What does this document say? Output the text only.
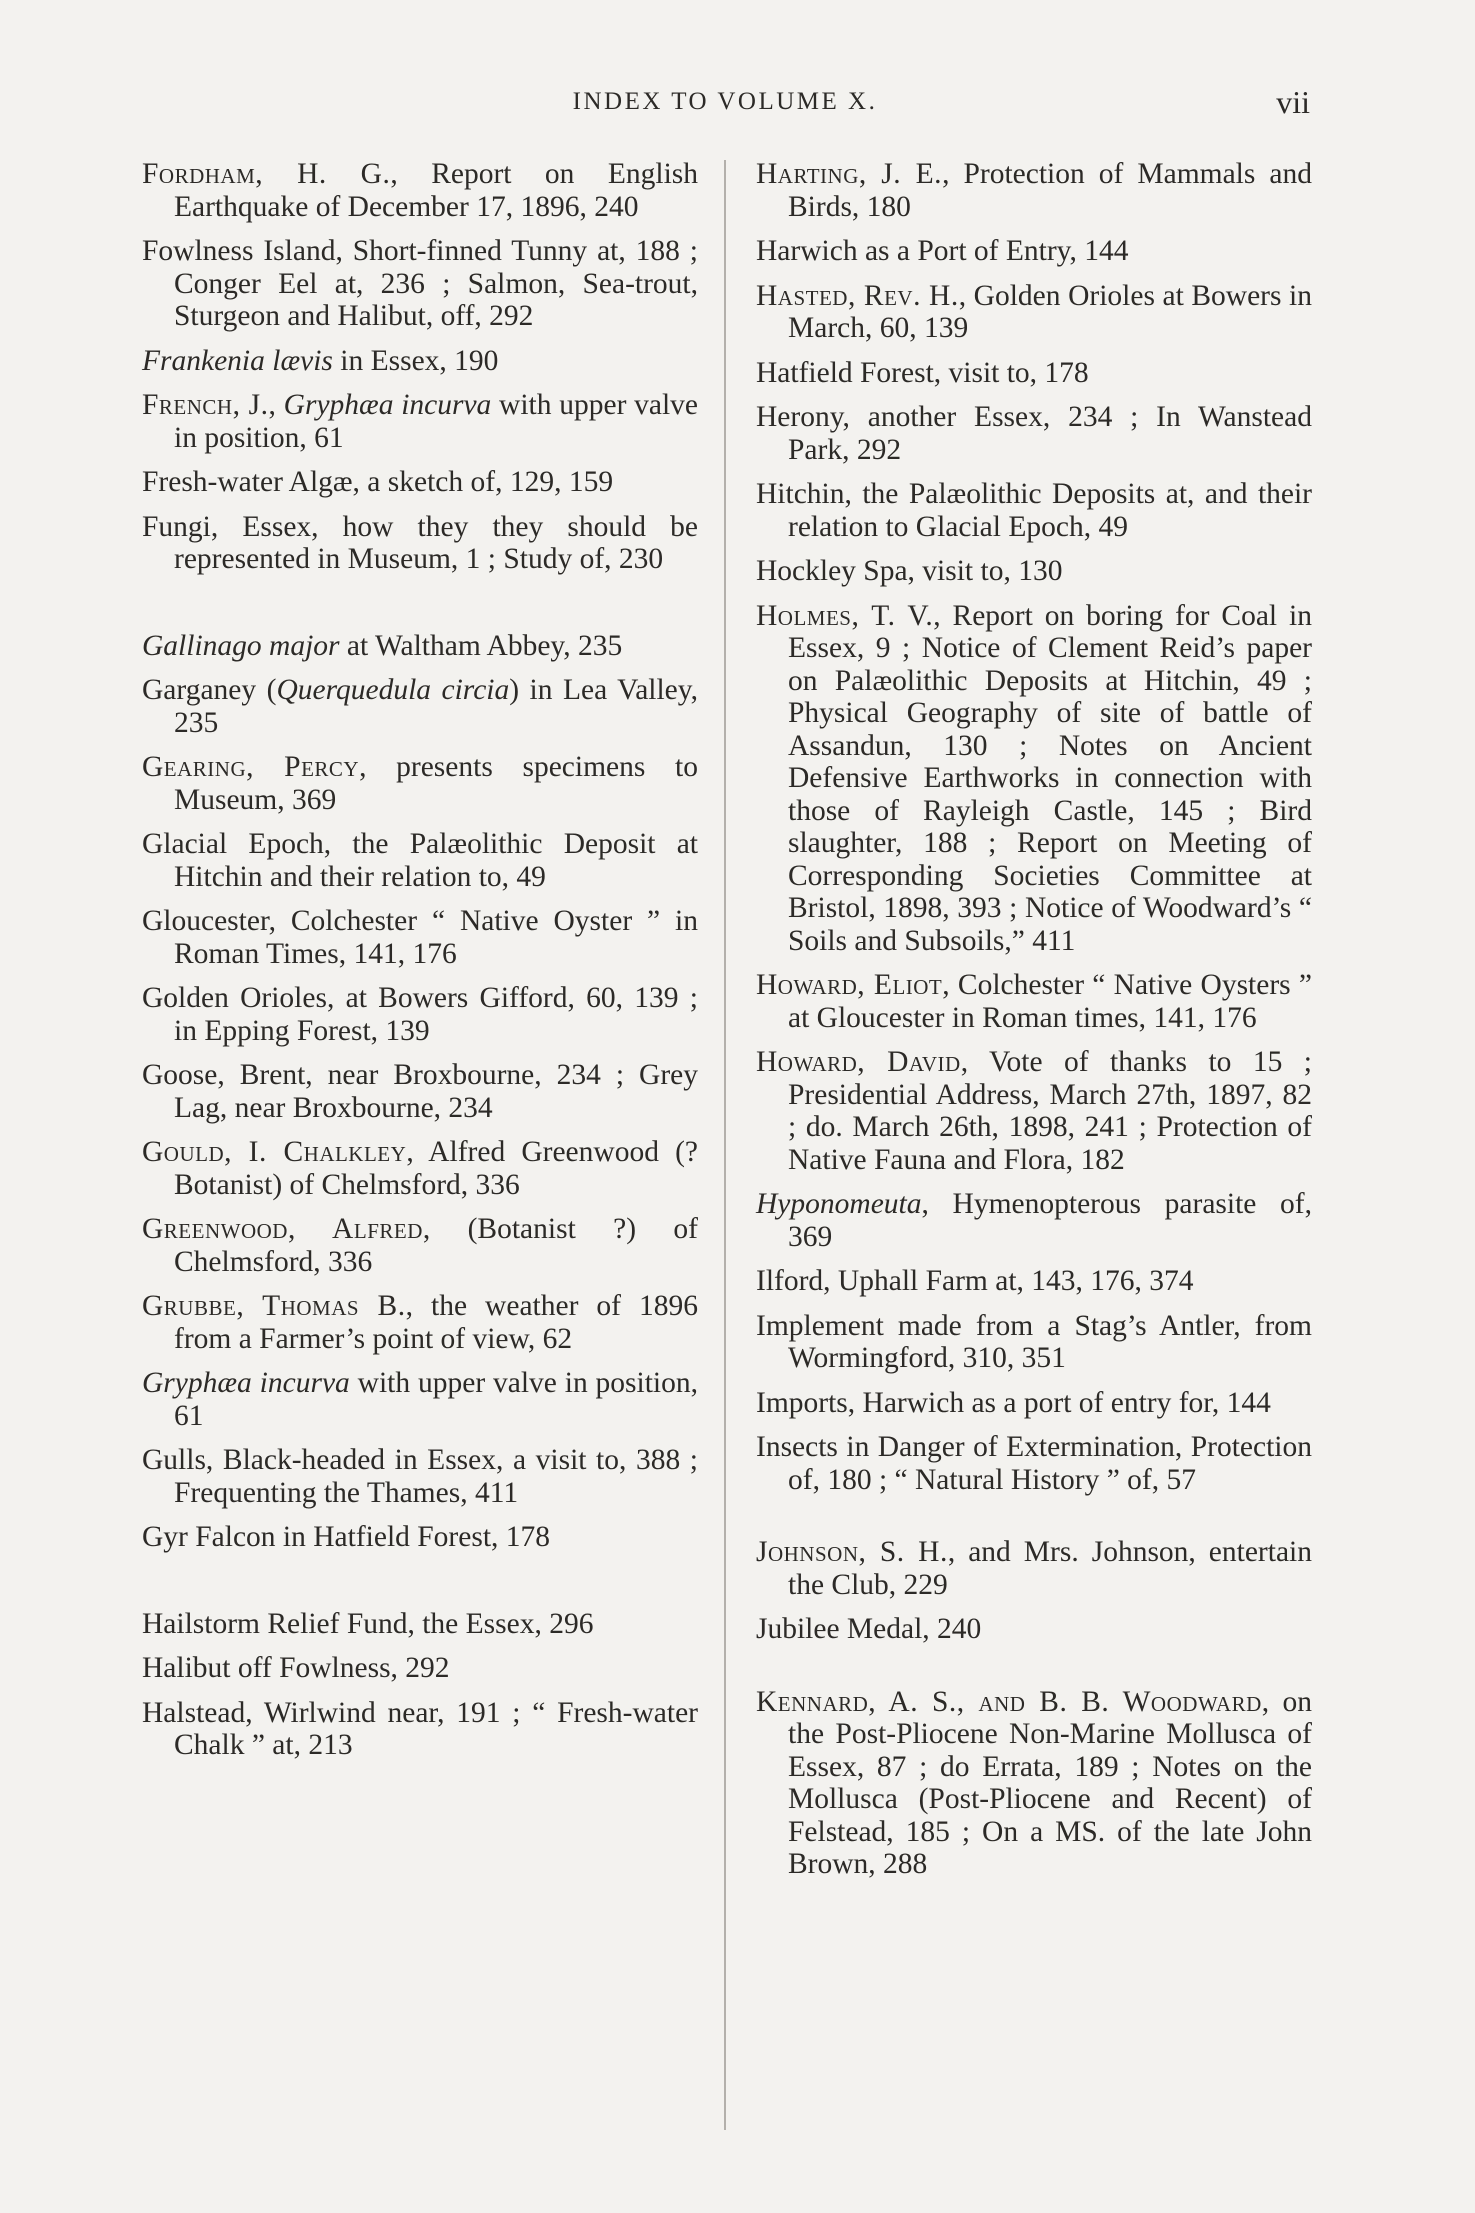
INDEX TO VOLUME X.	vii

Fordham, H. G., Report on English Earthquake of December 17, 1896, 240

Fowlness Island, Short-finned Tunny at, 188 ; Conger Eel at, 236 ; Salmon, Sea-trout, Sturgeon and Halibut, off, 292

Frankenia lævis in Essex, 190

French, J., Gryphæa incurva with upper valve in position, 61

Fresh-water Algæ, a sketch of, 129, 159

Fungi, Essex, how they they should be represented in Museum, 1 ; Study of, 230

Gallinago major at Waltham Abbey, 235

Garganey (Querquedula circia) in Lea Valley, 235

Gearing, Percy, presents specimens to Museum, 369

Glacial Epoch, the Palæolithic Deposit at Hitchin and their relation to, 49

Gloucester, Colchester “ Native Oyster ” in Roman Times, 141, 176

Golden Orioles, at Bowers Gifford, 60, 139 ; in Epping Forest, 139

Goose, Brent, near Broxbourne, 234 ; Grey Lag, near Broxbourne, 234

Gould, I. Chalkley, Alfred Greenwood (? Botanist) of Chelmsford, 336

Greenwood, Alfred, (Botanist ?) of Chelmsford, 336

Grubbe, Thomas B., the weather of 1896 from a Farmer’s point of view, 62

Gryphæa incurva with upper valve in position, 61

Gulls, Black-headed in Essex, a visit to, 388 ; Frequenting the Thames, 411

Gyr Falcon in Hatfield Forest, 178

Hailstorm Relief Fund, the Essex, 296

Halibut off Fowlness, 292

Halstead, Wirlwind near, 191 ; “ Fresh-water Chalk ” at, 213

Harting, J. E., Protection of Mammals and Birds, 180

Harwich as a Port of Entry, 144

Hasted, Rev. H., Golden Orioles at Bowers in March, 60, 139

Hatfield Forest, visit to, 178

Herony, another Essex, 234 ; In Wanstead Park, 292

Hitchin, the Palæolithic Deposits at, and their relation to Glacial Epoch, 49

Hockley Spa, visit to, 130

Holmes, T. V., Report on boring for Coal in Essex, 9 ; Notice of Clement Reid’s paper on Palæolithic Deposits at Hitchin, 49 ; Physical Geography of site of battle of Assandun, 130 ; Notes on Ancient Defensive Earthworks in connection with those of Rayleigh Castle, 145 ; Bird slaughter, 188 ; Report on Meeting of Corresponding Societies Committee at Bristol, 1898, 393 ; Notice of Woodward’s “ Soils and Subsoils,” 411

Howard, Eliot, Colchester “ Native Oysters ” at Gloucester in Roman times, 141, 176

Howard, David, Vote of thanks to 15 ; Presidential Address, March 27th, 1897, 82 ; do. March 26th, 1898, 241 ; Protection of Native Fauna and Flora, 182

Hyponomeuta, Hymenopterous parasite of, 369

Ilford, Uphall Farm at, 143, 176, 374

Implement made from a Stag’s Antler, from Wormingford, 310, 351

Imports, Harwich as a port of entry for, 144

Insects in Danger of Extermination, Protection of, 180 ; “ Natural History ” of, 57

Johnson, S. H., and Mrs. Johnson, entertain the Club, 229

Jubilee Medal, 240

Kennard, A. S., and B. B. Woodward, on the Post-Pliocene Non-Marine Mollusca of Essex, 87 ; do Errata, 189 ; Notes on the Mollusca (Post-Pliocene and Recent) of Felstead, 185 ; On a MS. of the late John Brown, 288
